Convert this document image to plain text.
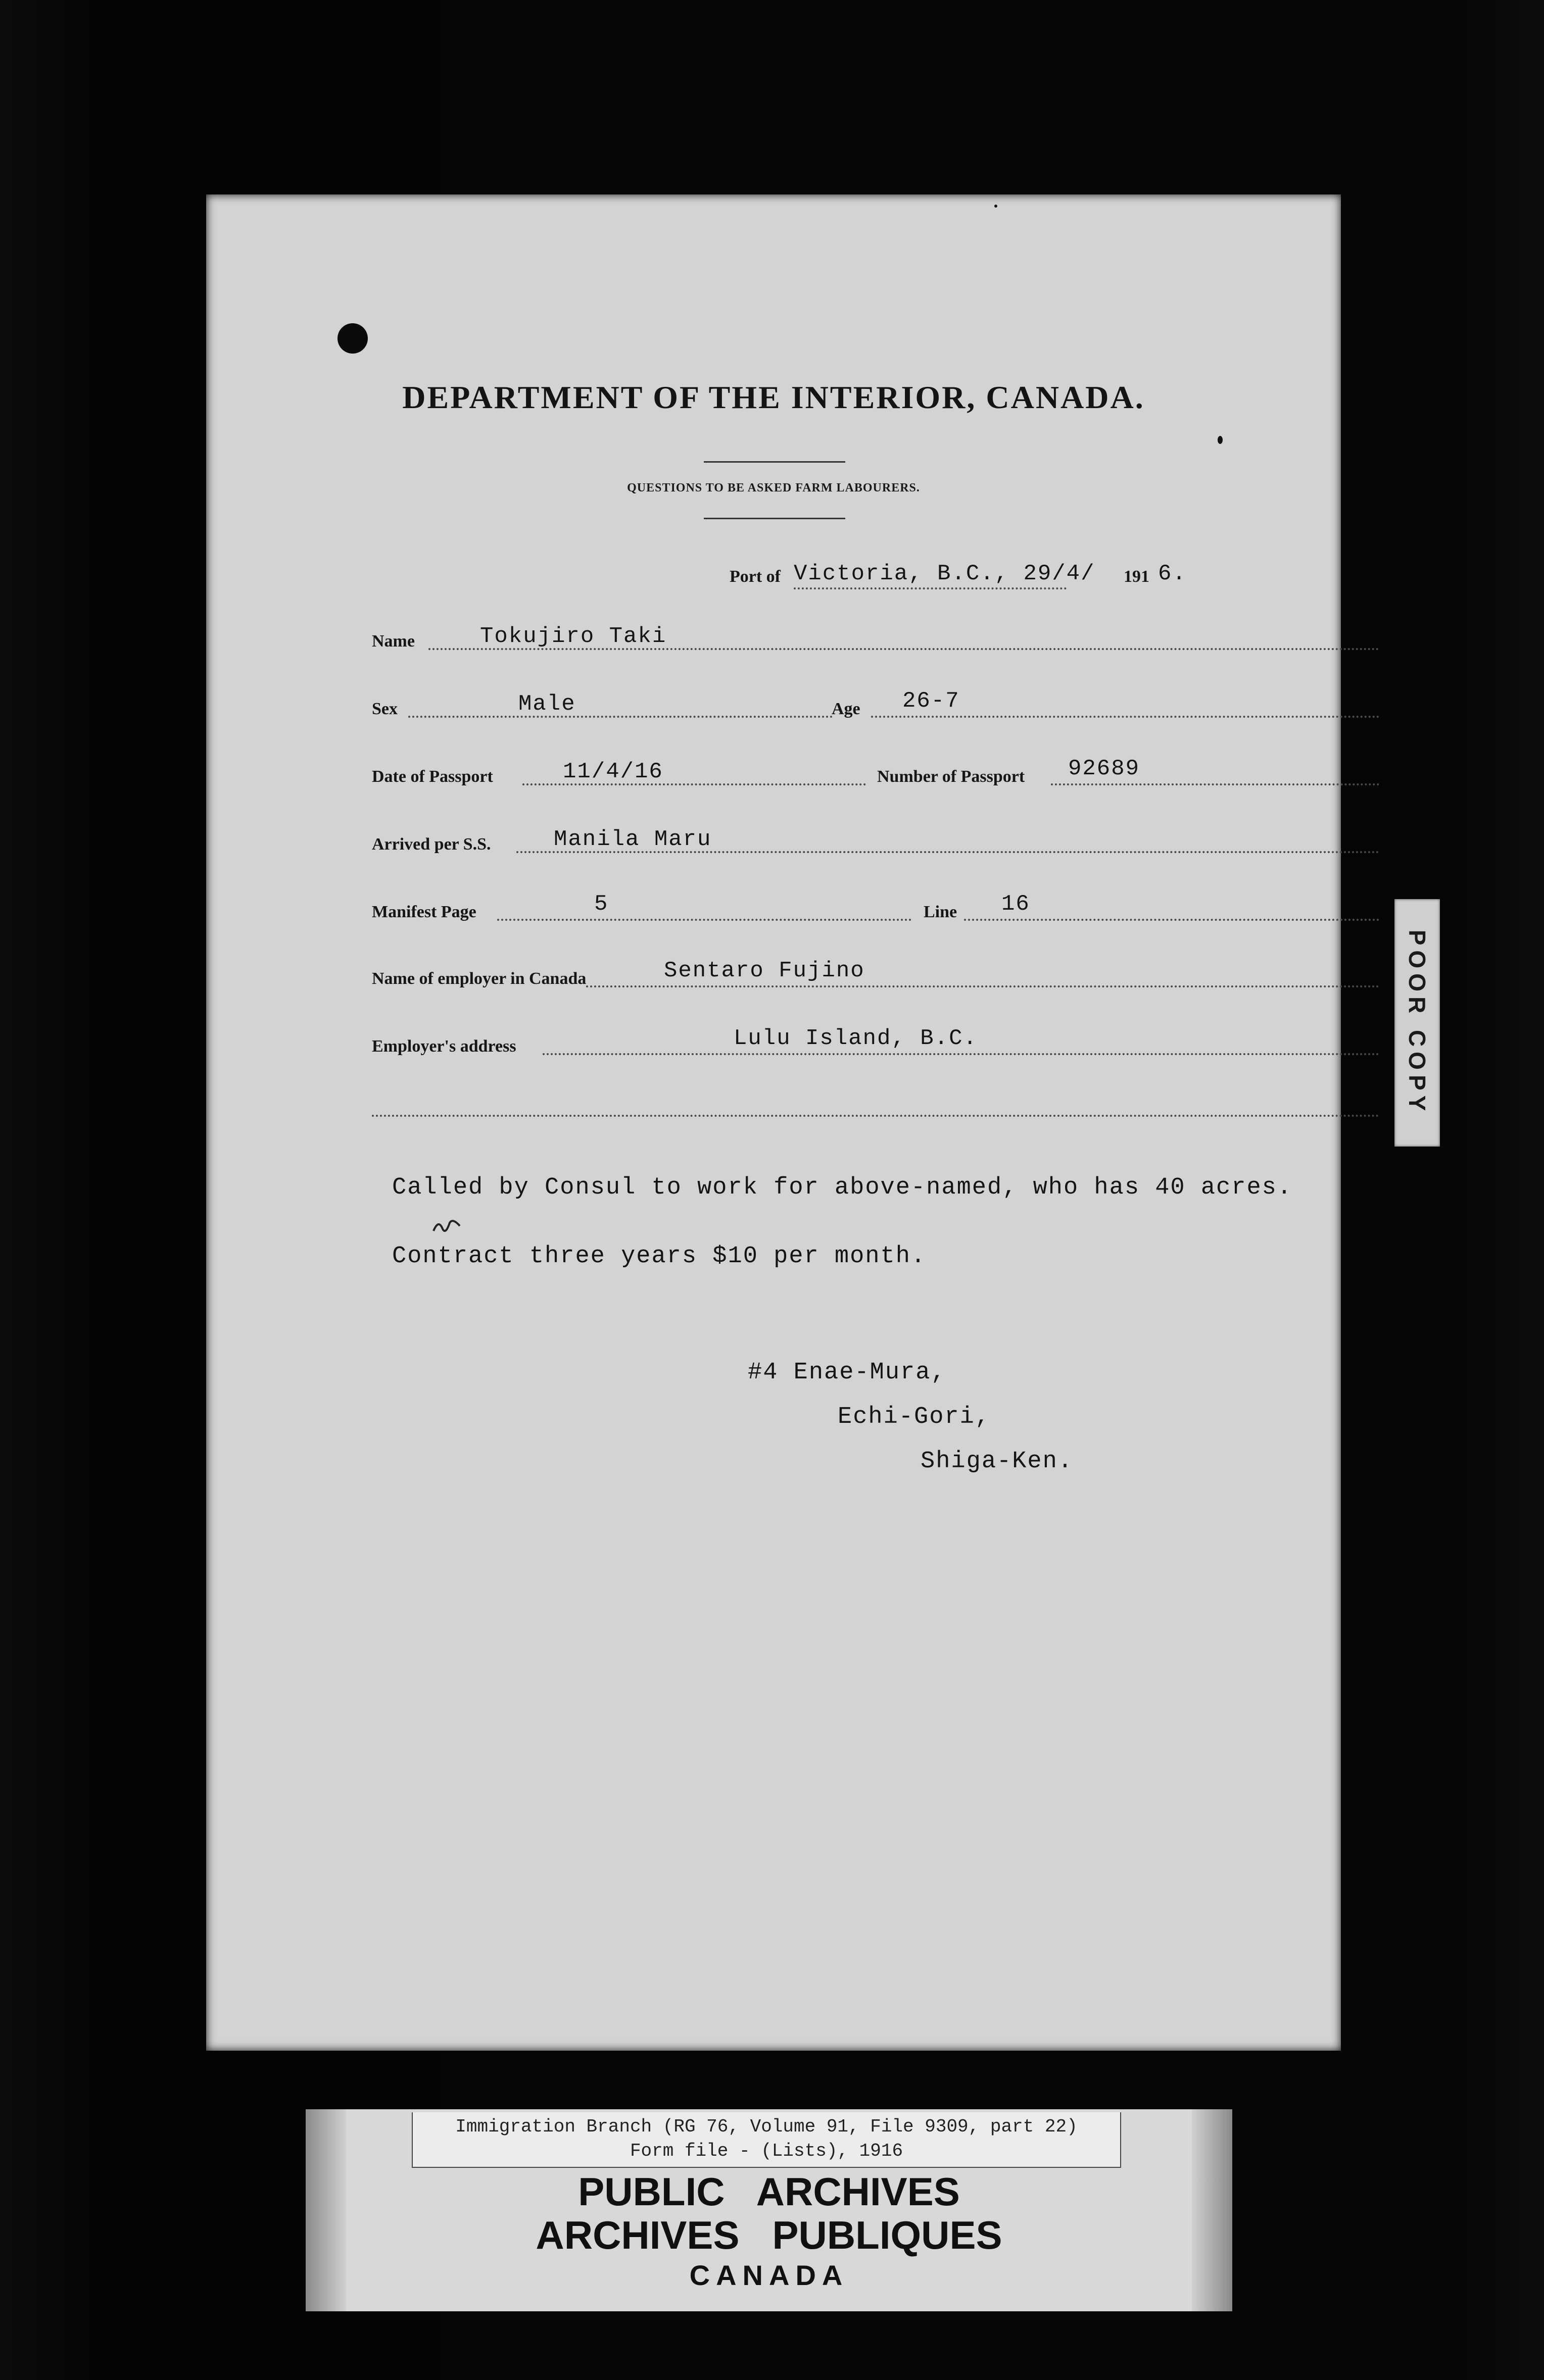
DEPARTMENT OF THE INTERIOR, CANADA.
QUESTIONS TO BE ASKED FARM LABOURERS.
Port of Victoria, B.C., 29/4/ 191 6.
Name	Tokujiro Taki
Sex	Male	Age 26-7
Date of Passport	11/4/16	Number of Passport 92689
Arrived per S.S.	Manila Maru
Manifest Page	5	Line 16
Name of employer in Canada	Sentaro Fujino
Employer's address	Lulu Island, B.C.
Called by Consul to work for above-named, who has 40 acres.
Contract three years $10 per month.
#4 Enae-Mura,
Echi-Gori,
Shiga-Ken.
POOR COPY
Immigration Branch (RG 76, Volume 91, File 9309, part 22)
Form file - (Lists), 1916
PUBLIC   ARCHIVES
ARCHIVES   PUBLIQUES
CANADA
